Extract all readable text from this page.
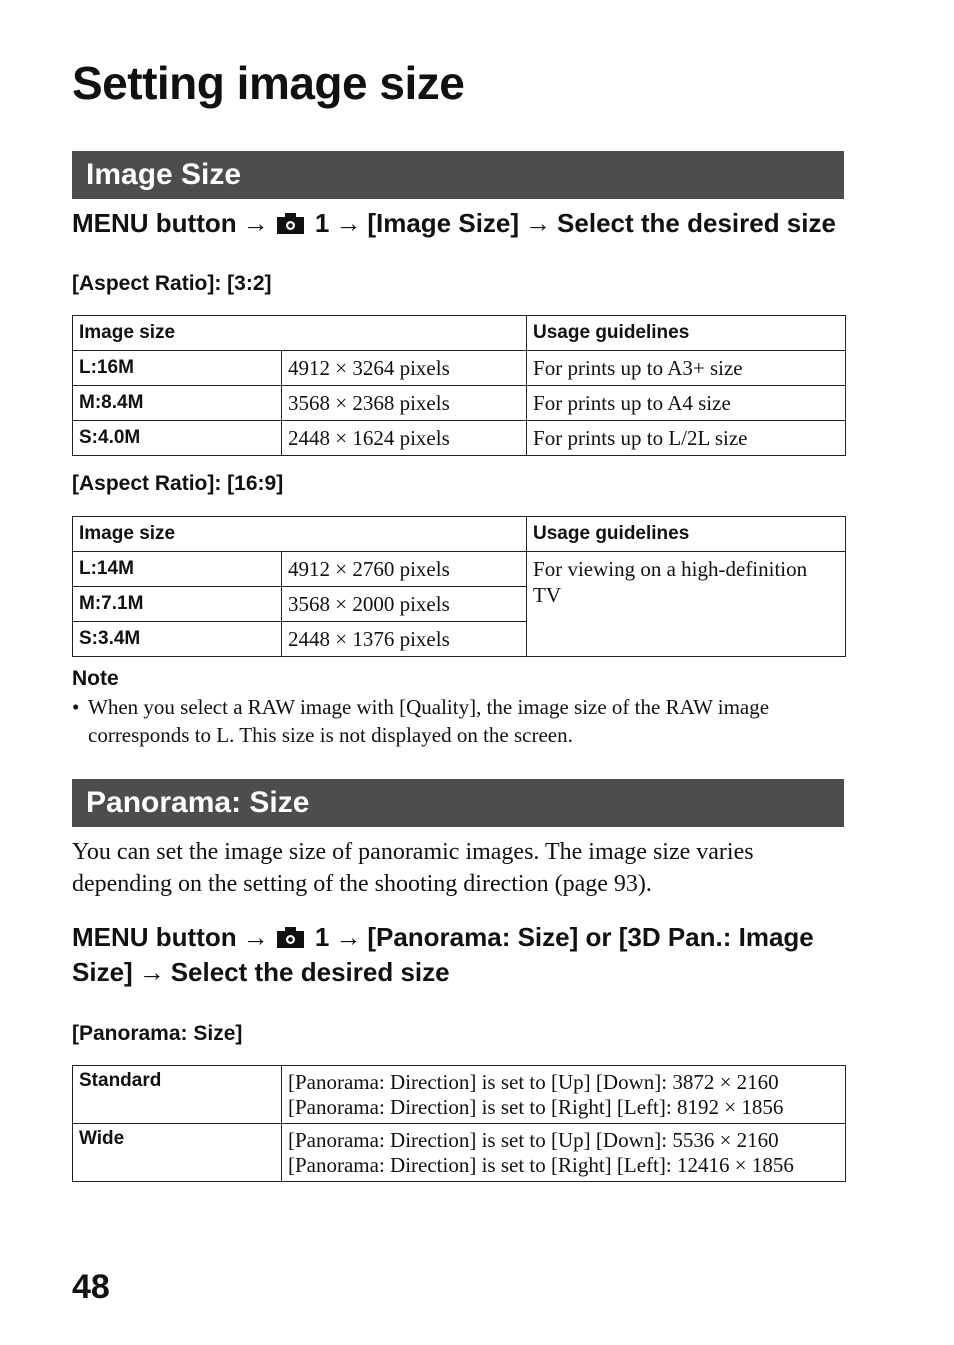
Setting image size
Image Size
MENU button → 1 → [Image Size] → Select the desired size
[Aspect Ratio]: [3:2]
Image size		Usage guidelines
L:16M	4912 × 3264 pixels	For prints up to A3+ size
M:8.4M	3568 × 2368 pixels	For prints up to A4 size
S:4.0M	2448 × 1624 pixels	For prints up to L/2L size
[Aspect Ratio]: [16:9]
Image size		Usage guidelines
L:14M	4912 × 2760 pixels	For viewing on a high-definition TV
M:7.1M	3568 × 2000 pixels	
S:3.4M	2448 × 1376 pixels	
Note
• When you select a RAW image with [Quality], the image size of the RAW image corresponds to L. This size is not displayed on the screen.
Panorama: Size
You can set the image size of panoramic images. The image size varies depending on the setting of the shooting direction (page 93).
MENU button → 1 → [Panorama: Size] or [3D Pan.: Image Size] → Select the desired size
[Panorama: Size]
Standard	[Panorama: Direction] is set to [Up] [Down]: 3872 × 2160
[Panorama: Direction] is set to [Right] [Left]: 8192 × 1856

Wide	[Panorama: Direction] is set to [Up] [Down]: 5536 × 2160
[Panorama: Direction] is set to [Right] [Left]: 12416 × 1856
48
